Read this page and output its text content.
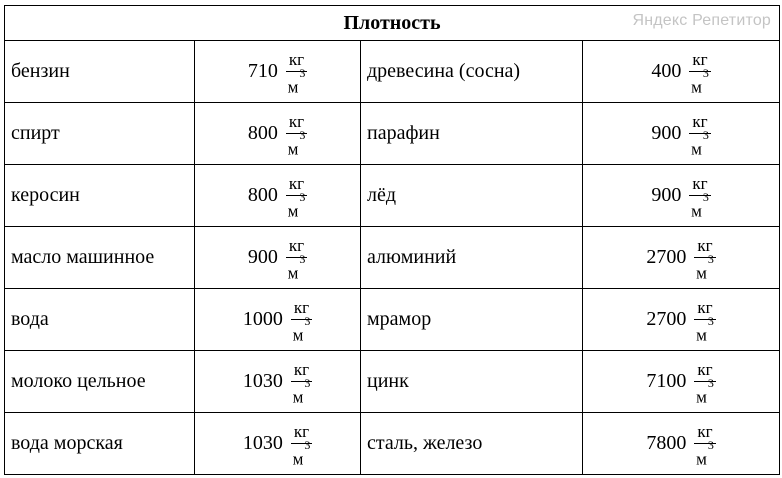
Плотность Яндекс Репетитор			

бензин	$710 \frac{кг}{м^3}$	древесина (сосна)	$400 \frac{кг}{м^3}$

спирт	$800 \frac{кг}{м^3}$	парафин	$900 \frac{кг}{м^3}$

керосин	$800 \frac{кг}{м^3}$	лёд	$900 \frac{кг}{м^3}$

масло машинное	$900 \frac{кг}{м^3}$	алюминий	$2700 \frac{кг}{м^3}$

вода	$1000 \frac{кг}{м^3}$	мрамор	$2700 \frac{кг}{м^3}$

молоко цельное	$1030 \frac{кг}{м^3}$	цинк	$7100 \frac{кг}{м^3}$

вода морская	$1030 \frac{кг}{м^3}$	сталь, железо	$7800 \frac{кг}{м^3}$
